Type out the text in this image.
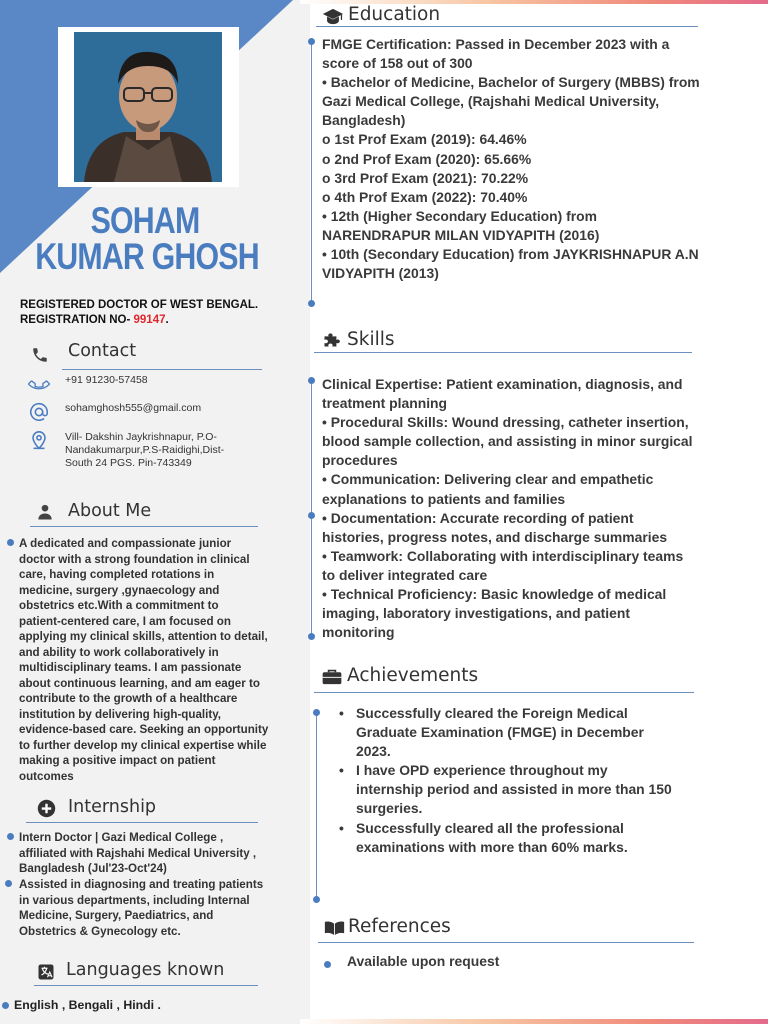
SOHAM
KUMAR GHOSH
REGISTERED DOCTOR OF WEST BENGAL.
REGISTRATION NO- 99147.
Contact
+91 91230-57458
sohamghosh555@gmail.com
Vill- Dakshin Jaykrishnapur, P.O-
Nandakumarpur,P.S-Raidighi,Dist-
South 24 PGS. Pin-743349
About Me
A dedicated and compassionate junior
doctor with a strong foundation in clinical
care, having completed rotations in
medicine, surgery ,gynaecology and
obstetrics etc.With a commitment to
patient-centered care, I am focused on
applying my clinical skills, attention to detail,
and ability to work collaboratively in
multidisciplinary teams. I am passionate
about continuous learning, and am eager to
contribute to the growth of a healthcare
institution by delivering high-quality,
evidence-based care. Seeking an opportunity
to further develop my clinical expertise while
making a positive impact on patient
outcomes
Internship
Intern Doctor | Gazi Medical College ,
affiliated with Rajshahi Medical University ,
Bangladesh (Jul'23-Oct'24)
Assisted in diagnosing and treating patients
in various departments, including Internal
Medicine, Surgery, Paediatrics, and
Obstetrics & Gynecology etc.
Languages known
English , Bengali , Hindi .
Education
FMGE Certification: Passed in December 2023 with a
score of 158 out of 300
• Bachelor of Medicine, Bachelor of Surgery (MBBS) from
Gazi Medical College, (Rajshahi Medical University,
Bangladesh)
o 1st Prof Exam (2019): 64.46%
o 2nd Prof Exam (2020): 65.66%
o 3rd Prof Exam (2021): 70.22%
o 4th Prof Exam (2022): 70.40%
• 12th (Higher Secondary Education) from
NARENDRAPUR MILAN VIDYAPITH (2016)
• 10th (Secondary Education) from JAYKRISHNAPUR A.N
VIDYAPITH (2013)
Skills
Clinical Expertise: Patient examination, diagnosis, and
treatment planning
• Procedural Skills: Wound dressing, catheter insertion,
blood sample collection, and assisting in minor surgical
procedures
• Communication: Delivering clear and empathetic
explanations to patients and families
• Documentation: Accurate recording of patient
histories, progress notes, and discharge summaries
• Teamwork: Collaborating with interdisciplinary teams
to deliver integrated care
• Technical Proficiency: Basic knowledge of medical
imaging, laboratory investigations, and patient
monitoring
Achievements
• Successfully cleared the Foreign Medical
Graduate Examination (FMGE) in December
2023.
• I have OPD experience throughout my
internship period and assisted in more than 150
surgeries.
• Successfully cleared all the professional
examinations with more than 60% marks.
References
Available upon request
